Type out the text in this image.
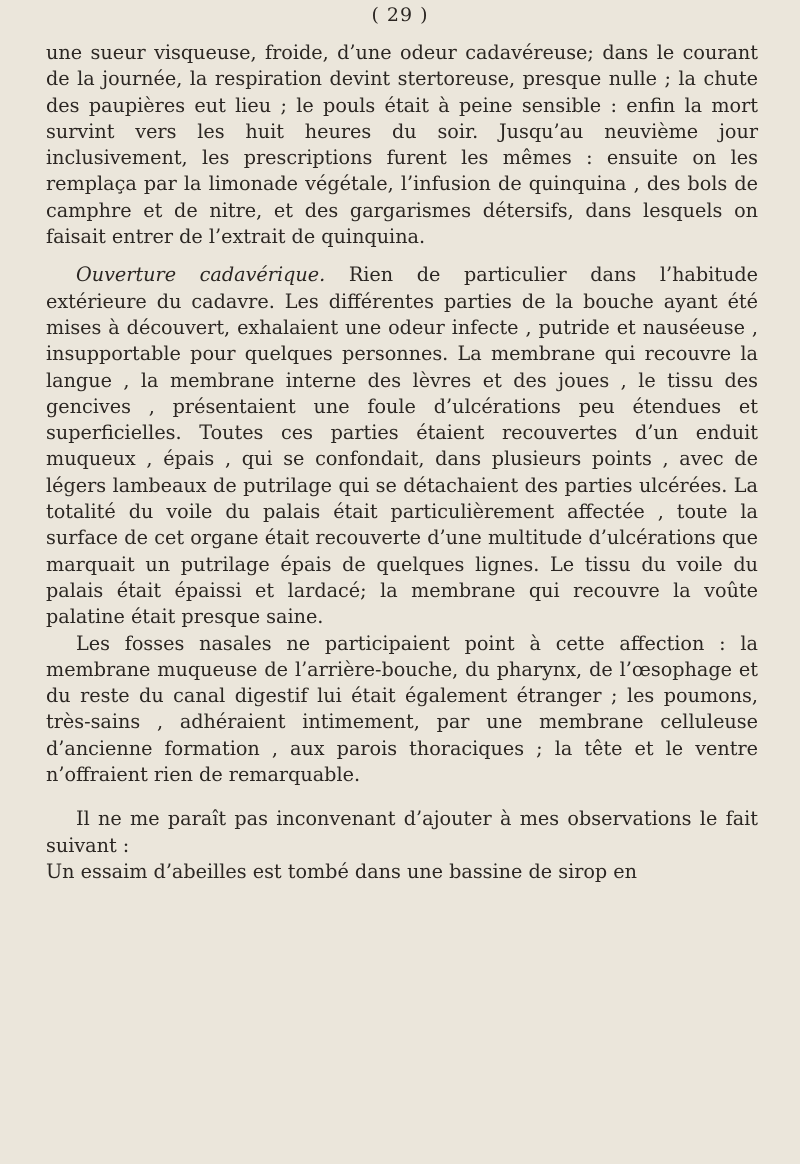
( 29 )

une sueur visqueuse, froide, d’une odeur cadavéreuse; dans le courant de la journée, la respiration devint stertoreuse, presque nulle ; la chute des paupières eut lieu ; le pouls était à peine sensible : enfin la mort survint vers les huit heures du soir. Jusqu’au neuvième jour inclusivement, les prescriptions furent les mêmes : ensuite on les remplaça par la limonade végétale, l’infusion de quinquina , des bols de camphre et de nitre, et des gargarismes détersifs, dans lesquels on faisait entrer de l’extrait de quinquina.

Ouverture cadavérique. Rien de particulier dans l’habitude extérieure du cadavre. Les différentes parties de la bouche ayant été mises à découvert, exhalaient une odeur infecte , putride et nauséeuse , insupportable pour quelques personnes. La membrane qui recouvre la langue , la membrane interne des lèvres et des joues , le tissu des gencives , présentaient une foule d’ulcérations peu étendues et superficielles. Toutes ces parties étaient recouvertes d’un enduit muqueux , épais , qui se confondait, dans plusieurs points , avec de légers lambeaux de putrilage qui se détachaient des parties ulcérées. La totalité du voile du palais était particulièrement affectée , toute la surface de cet organe était recouverte d’une multitude d’ulcérations que marquait un putrilage épais de quelques lignes. Le tissu du voile du palais était épaissi et lardacé; la membrane qui recouvre la voûte palatine était presque saine.

Les fosses nasales ne participaient point à cette affection : la membrane muqueuse de l’arrière-bouche, du pharynx, de l’œsophage et du reste du canal digestif lui était également étranger ; les poumons, très-sains , adhéraient intimement, par une membrane celluleuse d’ancienne formation , aux parois thoraciques ; la tête et le ventre n’offraient rien de remarquable.

Il ne me paraît pas inconvenant d’ajouter à mes observations le fait suivant :

Un essaim d’abeilles est tombé dans une bassine de sirop en
